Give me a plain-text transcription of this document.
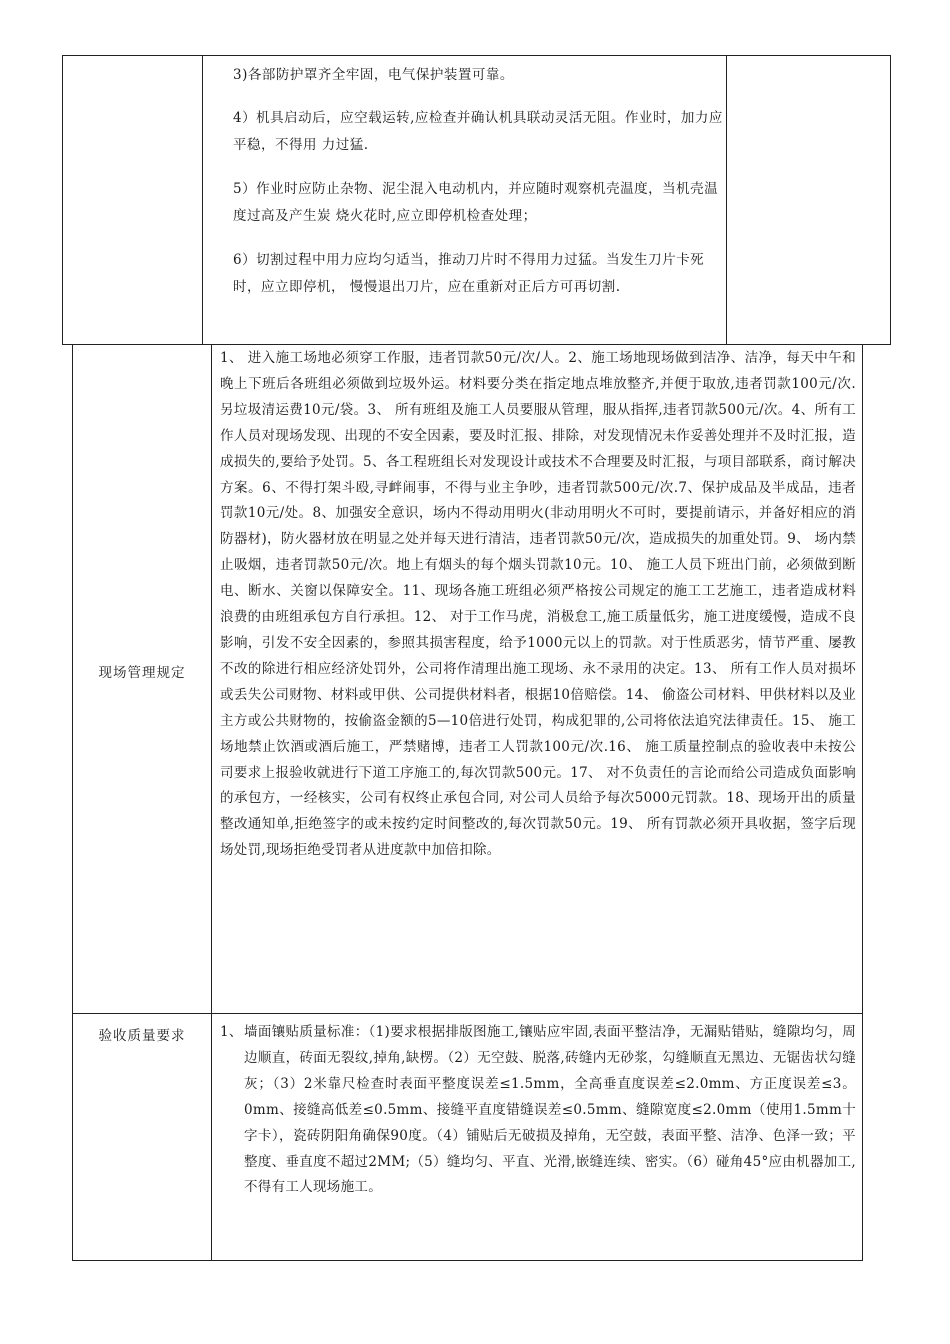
3)各部防护罩齐全牢固，电气保护装置可靠。

4）机具启动后，应空载运转,应检查并确认机具联动灵活无阻。作业时，加力应平稳，不得用 力过猛.

5）作业时应防止杂物、泥尘混入电动机内，并应随时观察机壳温度，当机壳温度过高及产生炭 烧火花时,应立即停机检查处理；

6）切割过程中用力应均匀适当，推动刀片时不得用力过猛。当发生刀片卡死时，应立即停机， 慢慢退出刀片，应在重新对正后方可再切割.

现场管理规定
1、 进入施工场地必须穿工作服，违者罚款50元/次/人。2、施工场地现场做到洁净、洁净，每天中午和晚上下班后各班组必须做到垃圾外运。材料要分类在指定地点堆放整齐,并便于取放,违者罚款100元/次.另垃圾清运费10元/袋。3、 所有班组及施工人员要服从管理，服从指挥,违者罚款500元/次。4、所有工作人员对现场发现、出现的不安全因素，要及时汇报、排除，对发现情况未作妥善处理并不及时汇报，造成损失的,要给予处罚。5、各工程班组长对发现设计或技术不合理要及时汇报，与项目部联系，商讨解决方案。6、不得打架斗殴,寻衅闹事，不得与业主争吵，违者罚款500元/次.7、保护成品及半成品，违者罚款10元/处。8、加强安全意识，场内不得动用明火(非动用明火不可时，要提前请示，并备好相应的消防器材)，防火器材放在明显之处并每天进行清洁，违者罚款50元/次，造成损失的加重处罚。9、 场内禁止吸烟，违者罚款50元/次。地上有烟头的每个烟头罚款10元。10、 施工人员下班出门前，必须做到断电、断水、关窗以保障安全。11、现场各施工班组必须严格按公司规定的施工工艺施工，违者造成材料浪费的由班组承包方自行承担。12、 对于工作马虎，消极怠工,施工质量低劣，施工进度缓慢，造成不良影响，引发不安全因素的，参照其损害程度，给予1000元以上的罚款。对于性质恶劣，情节严重、屡教不改的除进行相应经济处罚外，公司将作清理出施工现场、永不录用的决定。13、 所有工作人员对损坏或丢失公司财物、材料或甲供、公司提供材料者，根据10倍赔偿。14、 偷盗公司材料、甲供材料以及业主方或公共财物的，按偷盗金额的5—10倍进行处罚，构成犯罪的,公司将依法追究法律责任。15、 施工场地禁止饮酒或酒后施工，严禁赌博，违者工人罚款100元/次.16、 施工质量控制点的验收表中未按公司要求上报验收就进行下道工序施工的,每次罚款500元。17、 对不负责任的言论而给公司造成负面影响的承包方，一经核实，公司有权终止承包合同, 对公司人员给予每次5000元罚款。18、现场开出的质量整改通知单,拒绝签字的或未按约定时间整改的,每次罚款50元。19、 所有罚款必须开具收据，签字后现场处罚,现场拒绝受罚者从进度款中加倍扣除。
验收质量要求	1、 墙面镶贴质量标准：（1)要求根据排版图施工,镶贴应牢固,表面平整洁净，无漏贴错贴，缝隙均匀，周边顺直，砖面无裂纹,掉角,缺楞。（2）无空鼓、脱落,砖缝内无砂浆，勾缝顺直无黑边、无锯齿状勾缝灰；（3）2米靠尺检查时表面平整度误差≤1.5mm，全高垂直度误差≤2.0mm、方正度误差≤3。0mm、接缝高低差≤0.5mm、接缝平直度错缝误差≤0.5mm、缝隙宽度≤2.0mm（使用1.5mm十字卡），瓷砖阴阳角确保90度。（4）铺贴后无破损及掉角，无空鼓，表面平整、洁净、色泽一致；平整度、垂直度不超过2MM;（5）缝均匀、平直、光滑,嵌缝连续、密实。（6）碰角45°应由机器加工,不得有工人现场施工。
